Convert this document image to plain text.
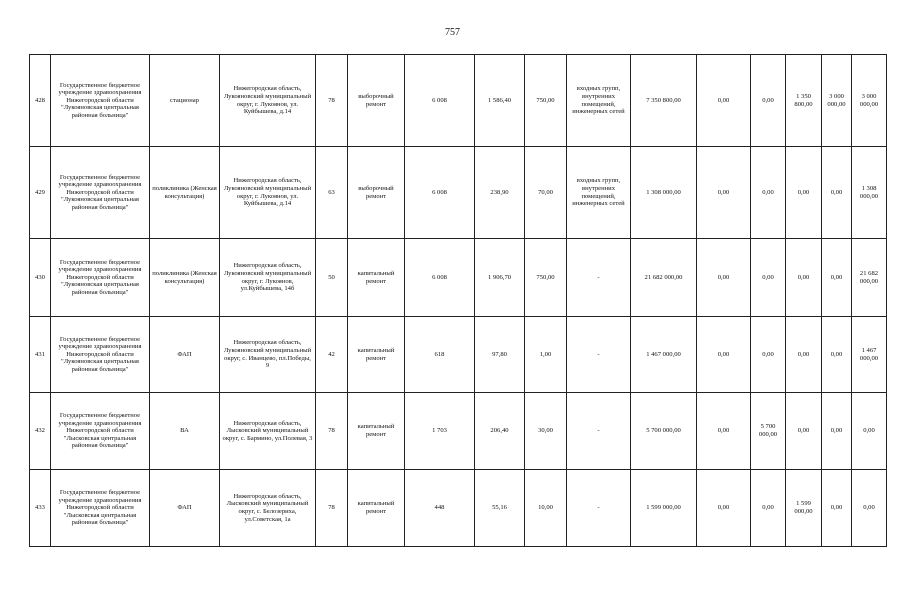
757
428	Государственное бюджетное учреждение здравоохранения Нижегородской области "Лукояновская центральная районная больница"	стационар	Нижегородская область, Лукояновский муниципальный округ, г. Лукоянов, ул. Куйбышева, д.14	78	выборочный ремонт	6 008	1 586,40	750,00	входных групп, внутренних помещений, инженерных сетей	7 350 800,00	0,00	0,00	1 350 800,00	3 000 000,00	3 000 000,00
429	Государственное бюджетное учреждение здравоохранения Нижегородской области "Лукояновская центральная районная больница"	поликлиника (Женская консультация)	Нижегородская область, Лукояновский муниципальный округ, г. Лукоянов, ул. Куйбышева, д.14	63	выборочный ремонт	6 008	238,90	70,00	входных групп, внутренних помещений, инженерных сетей	1 308 000,00	0,00	0,00	0,00	0,00	1 308 000,00
430	Государственное бюджетное учреждение здравоохранения Нижегородской области "Лукояновская центральная районная больница"	поликлиника (Женская консультация)	Нижегородская область, Лукояновский муниципальный округ, г. Лукоянов, ул.Куйбышева, 14б	50	капитальный ремонт	6 008	1 906,70	750,00	-	21 682 000,00	0,00	0,00	0,00	0,00	21 682 000,00
431	Государственное бюджетное учреждение здравоохранения Нижегородской области "Лукояновская центральная районная больница"	ФАП	Нижегородская область, Лукояновский муниципальный округ, с. Иванцево, пл.Победы, 9	42	капитальный ремонт	618	97,80	1,00	-	1 467 000,00	0,00	0,00	0,00	0,00	1 467 000,00
432	Государственное бюджетное учреждение здравоохранения Нижегородской области "Лысковская центральная районная больница"	ВА	Нижегородская область, Лысковский муниципальный округ, с. Бармино, ул.Полевая, 3	78	капитальный ремонт	1 703	206,40	30,00	-	5 700 000,00	0,00	5 700 000,00	0,00	0,00	0,00
433	Государственное бюджетное учреждение здравоохранения Нижегородской области "Лысковская центральная районная больница"	ФАП	Нижегородская область, Лысковский муниципальный округ, с. Белозериха, ул.Советская, 1а	78	капитальный ремонт	448	55,16	10,00	-	1 599 000,00	0,00	0,00	1 599 000,00	0,00	0,00
